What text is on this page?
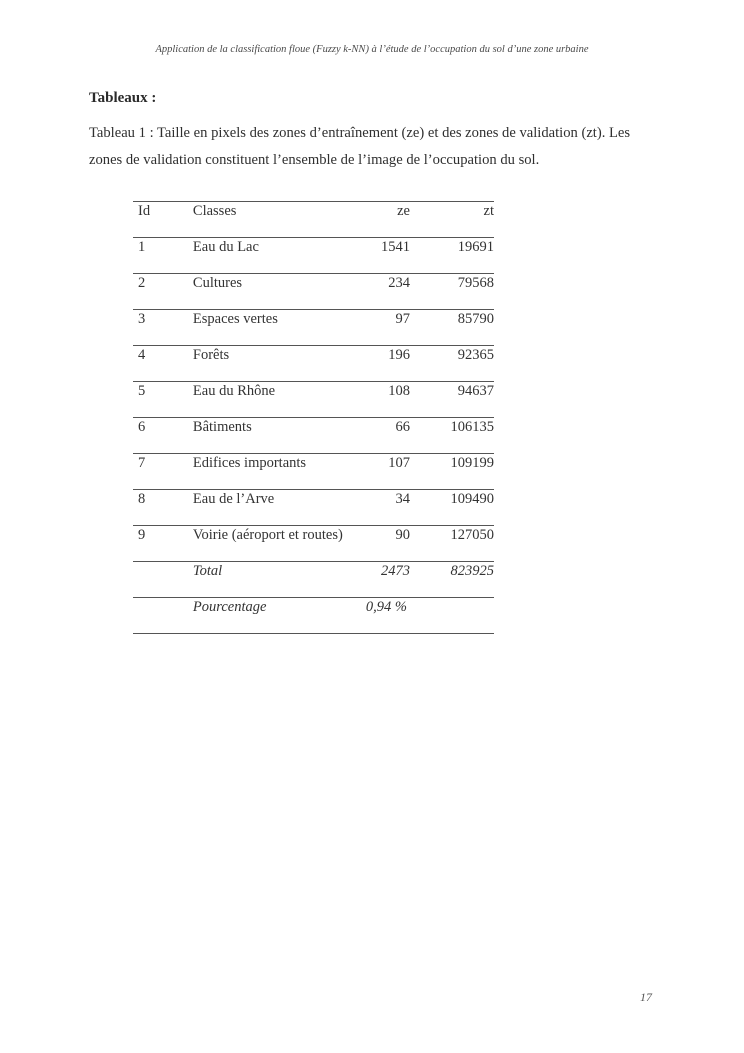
Application de la classification floue (Fuzzy k-NN) à l’étude de l’occupation du sol d’une zone urbaine
Tableaux :
Tableau 1 : Taille en pixels des zones d’entraînement (ze) et des zones de validation (zt). Les zones de validation constituent l’ensemble de l’image de l’occupation du sol.
Id	Classes	ze	zt

1	Eau du Lac	1541	19691

2	Cultures	234	79568

3	Espaces vertes	97	85790

4	Forêts	196	92365

5	Eau du Rhône	108	94637

6	Bâtiments	66	106135

7	Edifices importants	107	109199

8	Eau de l’Arve	34	109490

9	Voirie (aéroport et routes)	90	127050

	Total	2473	823925

	Pourcentage	0,94 %	

17
